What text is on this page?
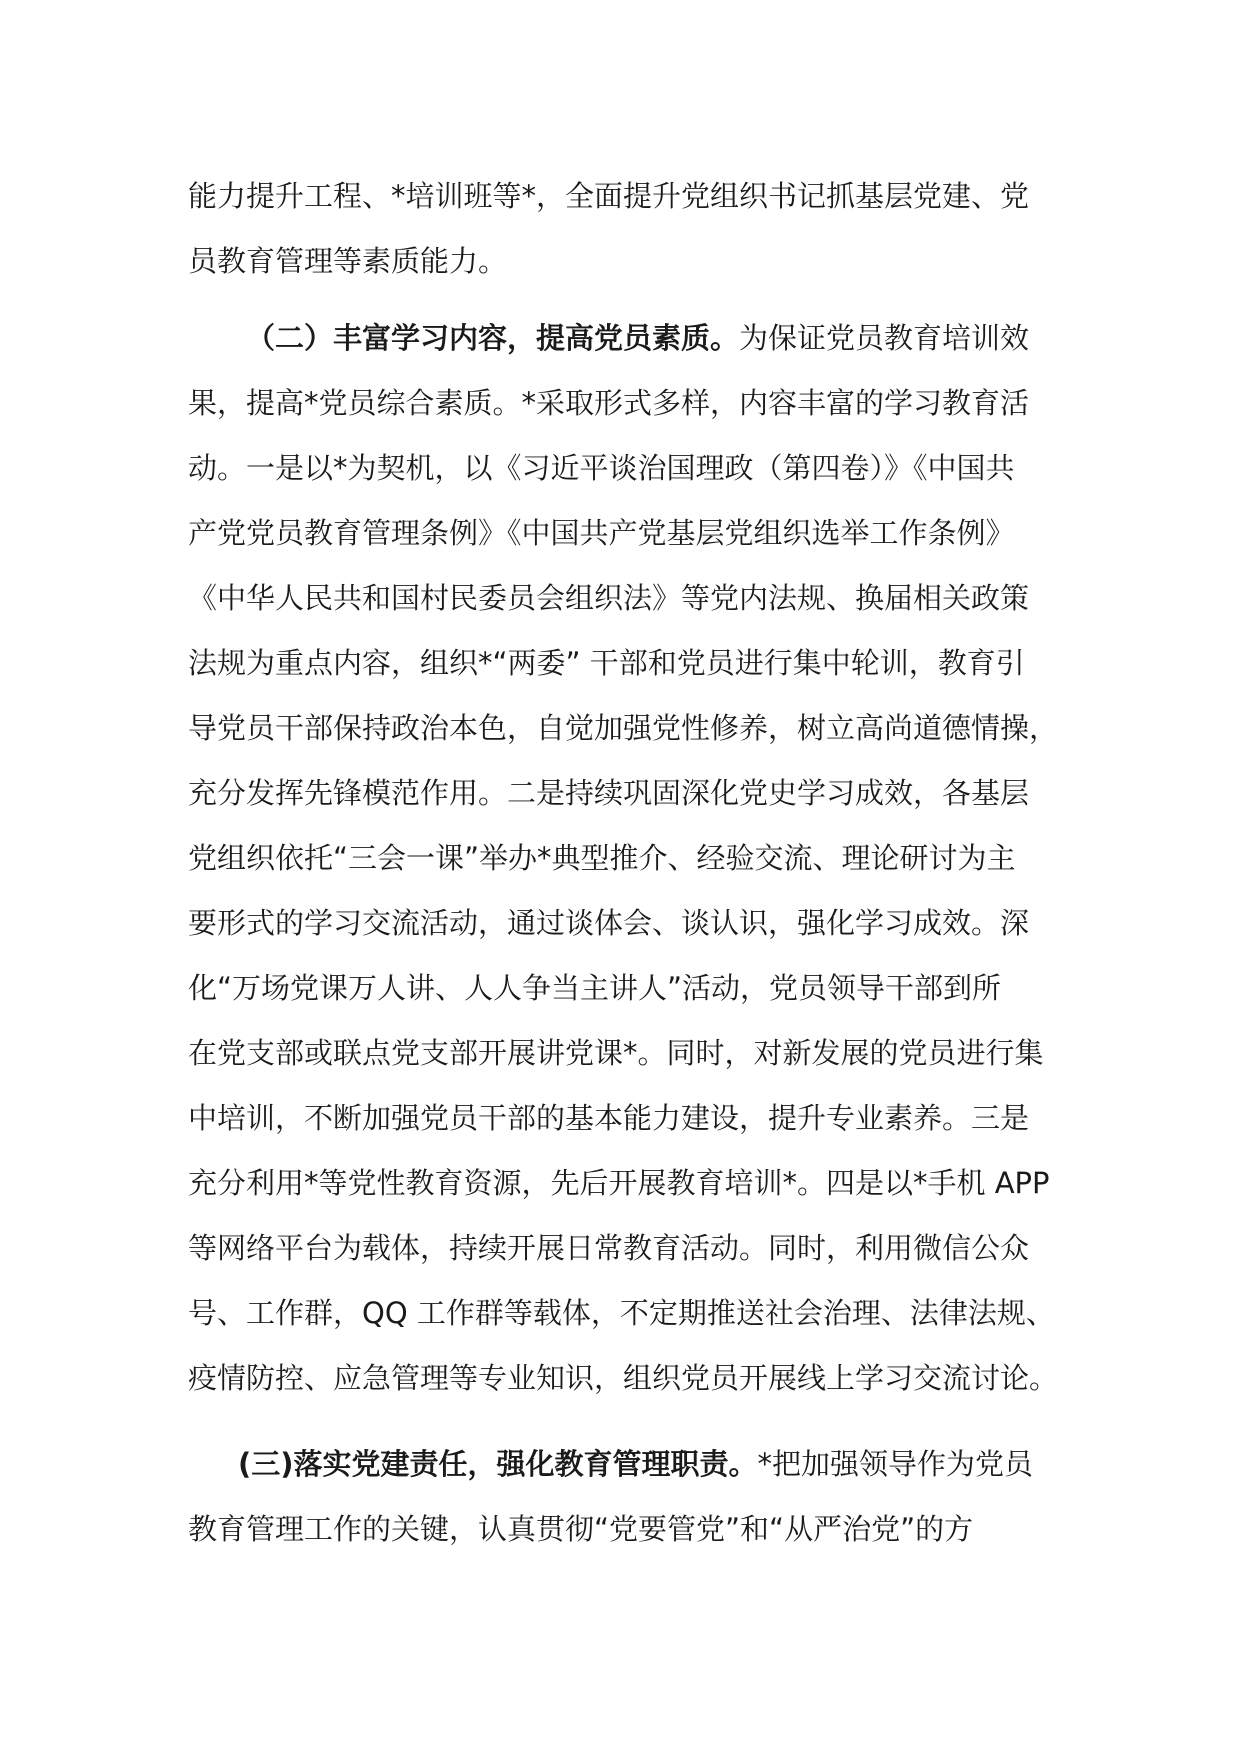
能力提升工程、*培训班等*，全面提升党组织书记抓基层党建、党
员教育管理等素质能力。
（二）丰富学习内容，提高党员素质。为保证党员教育培训效
果，提高*党员综合素质。*采取形式多样，内容丰富的学习教育活
动。一是以*为契机，以《习近平谈治国理政（第四卷）》《中国共
产党党员教育管理条例》《中国共产党基层党组织选举工作条例》
《中华人民共和国村民委员会组织法》等党内法规、换届相关政策
法规为重点内容，组织*“两委” 干部和党员进行集中轮训，教育引
导党员干部保持政治本色，自觉加强党性修养，树立高尚道德情操，
充分发挥先锋模范作用。二是持续巩固深化党史学习成效，各基层
党组织依托“三会一课”举办*典型推介、经验交流、理论研讨为主
要形式的学习交流活动，通过谈体会、谈认识，强化学习成效。深
化“万场党课万人讲、人人争当主讲人”活动，党员领导干部到所
在党支部或联点党支部开展讲党课*。同时，对新发展的党员进行集
中培训，不断加强党员干部的基本能力建设，提升专业素养。三是
充分利用*等党性教育资源，先后开展教育培训*。四是以*手机 APP
等网络平台为载体，持续开展日常教育活动。同时，利用微信公众
号、工作群，QQ 工作群等载体，不定期推送社会治理、法律法规、
疫情防控、应急管理等专业知识，组织党员开展线上学习交流讨论。
(三)落实党建责任，强化教育管理职责。*把加强领导作为党员
教育管理工作的关键，认真贯彻“党要管党”和“从严治党”的方
